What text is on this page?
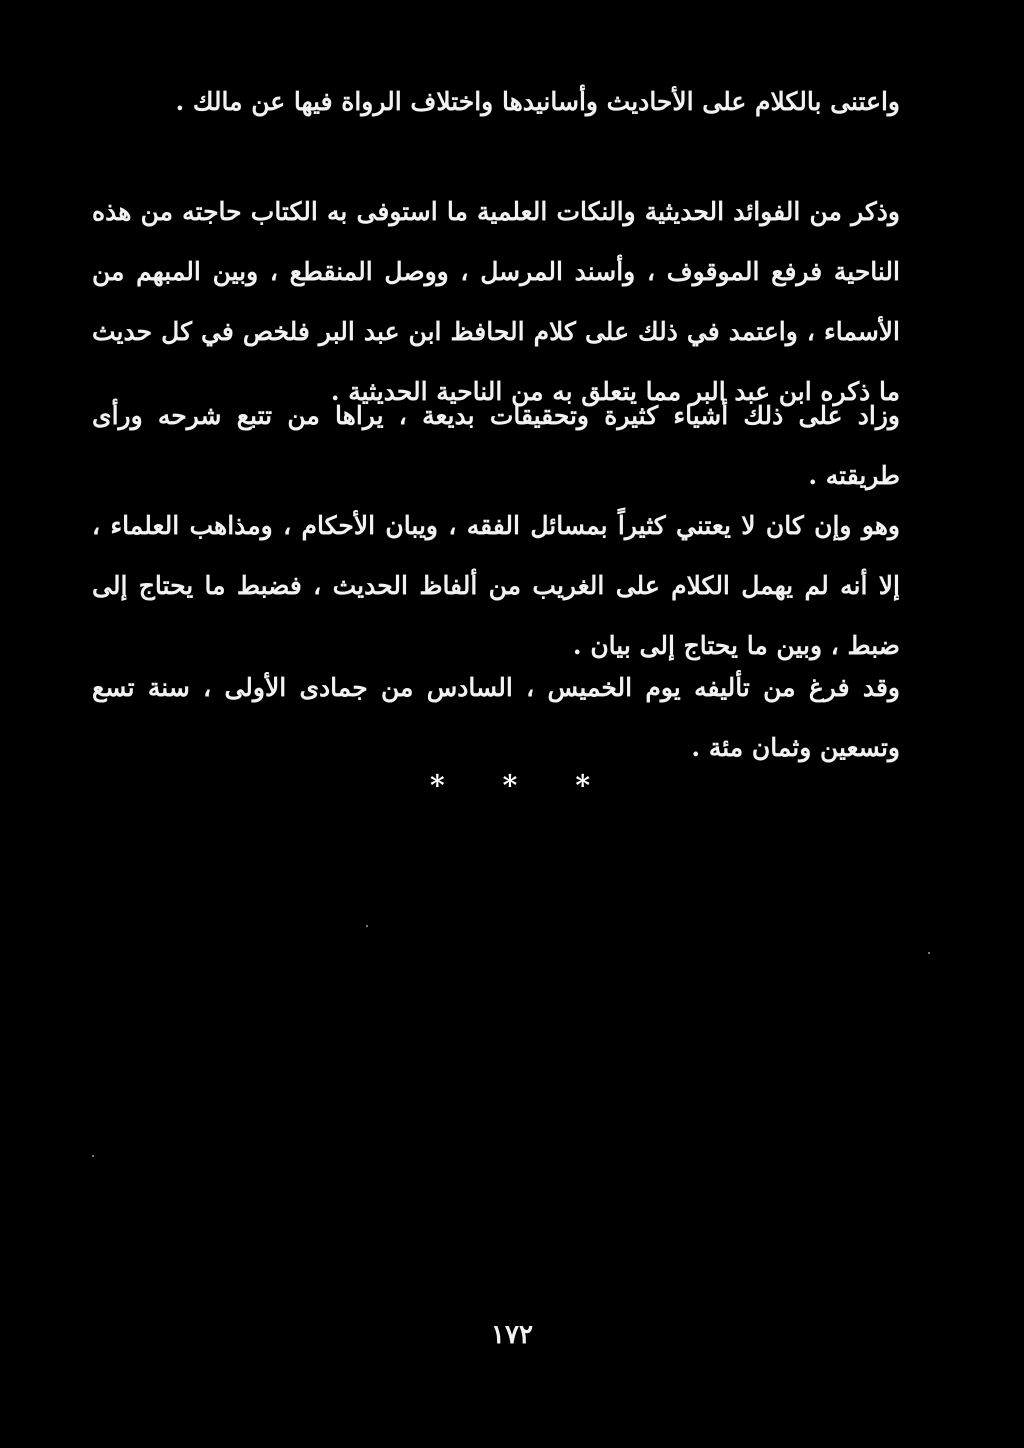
واعتنى بالكلام على الأحاديث وأسانيدها واختلاف الرواة فيها عن مالك .

وذكر من الفوائد الحديثية والنكات العلمية ما استوفى به الكتاب حاجته من هذه الناحية فرفع الموقوف ، وأسند المرسل ، ووصل المنقطع ، وبين المبهم من الأسماء ، واعتمد في ذلك على كلام الحافظ ابن عبد البر فلخص في كل حديث ما ذكره ابن عبد البر مما يتعلق به من الناحية الحديثية .

وزاد على ذلك أشياء كثيرة وتحقيقات بديعة ، يراها من تتبع شرحه ورأى طريقته .

وهو وإن كان لا يعتني كثيراً بمسائل الفقه ، ويبان الأحكام ، ومذاهب العلماء ، إلا أنه لم يهمل الكلام على الغريب من ألفاظ الحديث ، فضبط ما يحتاج إلى ضبط ، وبين ما يحتاج إلى بيان .

وقد فرغ من تأليفه يوم الخميس ، السادس من جمادى الأولى ، سنة تسع وتسعين وثمان مئة .

*
*
*
١٧٢
